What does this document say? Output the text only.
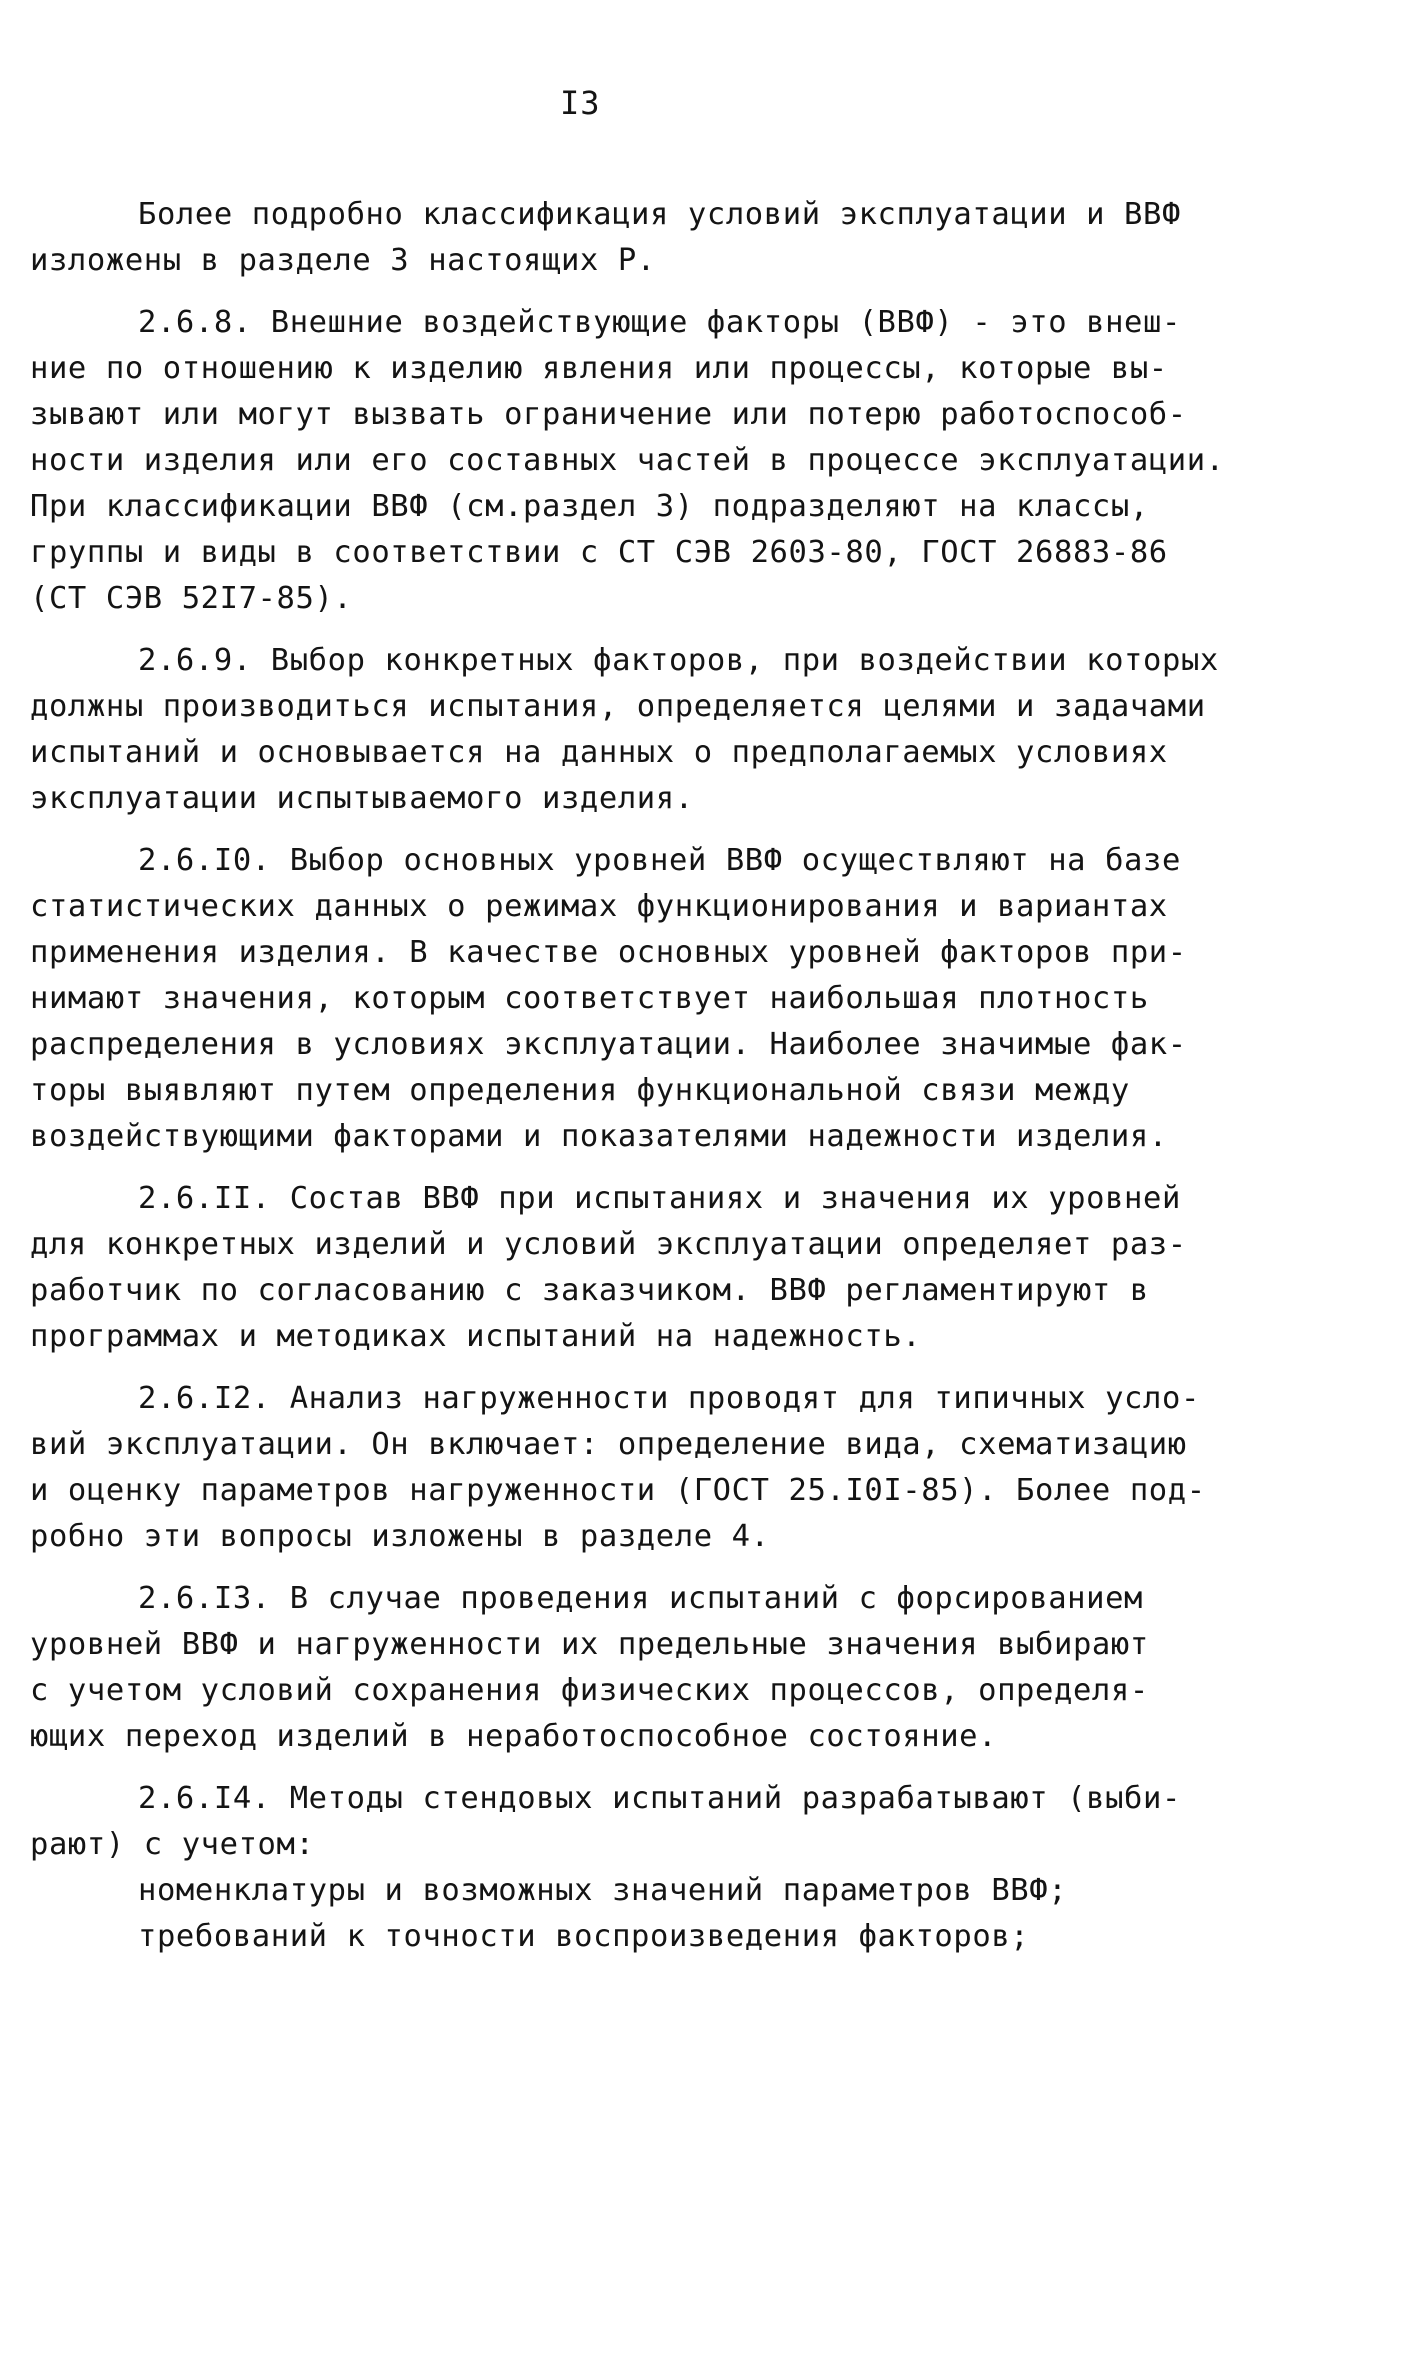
I3
Более подробно классификация условий эксплуатации и ВВФ
изложены в разделе 3 настоящих Р.
2.6.8. Внешние воздействующие факторы (ВВФ) - это внеш-
ние по отношению к изделию явления или процессы, которые вы-
зывают или могут вызвать ограничение или потерю работоспособ-
ности изделия или его составных частей в процессе эксплуатации.
При классификации ВВФ (см.раздел 3) подразделяют на классы,
группы и виды в соответствии с СТ СЭВ 2603-80, ГОСТ 26883-86
(СТ СЭВ 52I7-85).
2.6.9. Выбор конкретных факторов, при воздействии которых
должны производиться испытания, определяется целями и задачами
испытаний и основывается на данных о предполагаемых условиях
эксплуатации испытываемого изделия.
2.6.I0. Выбор основных уровней ВВФ осуществляют на базе
статистических данных о режимах функционирования и вариантах
применения изделия. В качестве основных уровней факторов при-
нимают значения, которым соответствует наибольшая плотность
распределения в условиях эксплуатации. Наиболее значимые фак-
торы выявляют путем определения функциональной связи между
воздействующими факторами и показателями надежности изделия.
2.6.II. Состав ВВФ при испытаниях и значения их уровней
для конкретных изделий и условий эксплуатации определяет раз-
работчик по согласованию с заказчиком. ВВФ регламентируют в
программах и методиках испытаний на надежность.
2.6.I2. Анализ нагруженности проводят для типичных усло-
вий эксплуатации. Он включает: определение вида, схематизацию
и оценку параметров нагруженности (ГОСТ 25.I0I-85). Более под-
робно эти вопросы изложены в разделе 4.
2.6.I3. В случае проведения испытаний с форсированием
уровней ВВФ и нагруженности их предельные значения выбирают
с учетом условий сохранения физических процессов, определя-
ющих переход изделий в неработоспособное состояние.
2.6.I4. Методы стендовых испытаний разрабатывают (выби-
рают) с учетом:
номенклатуры и возможных значений параметров ВВФ;
требований к точности воспроизведения факторов;
